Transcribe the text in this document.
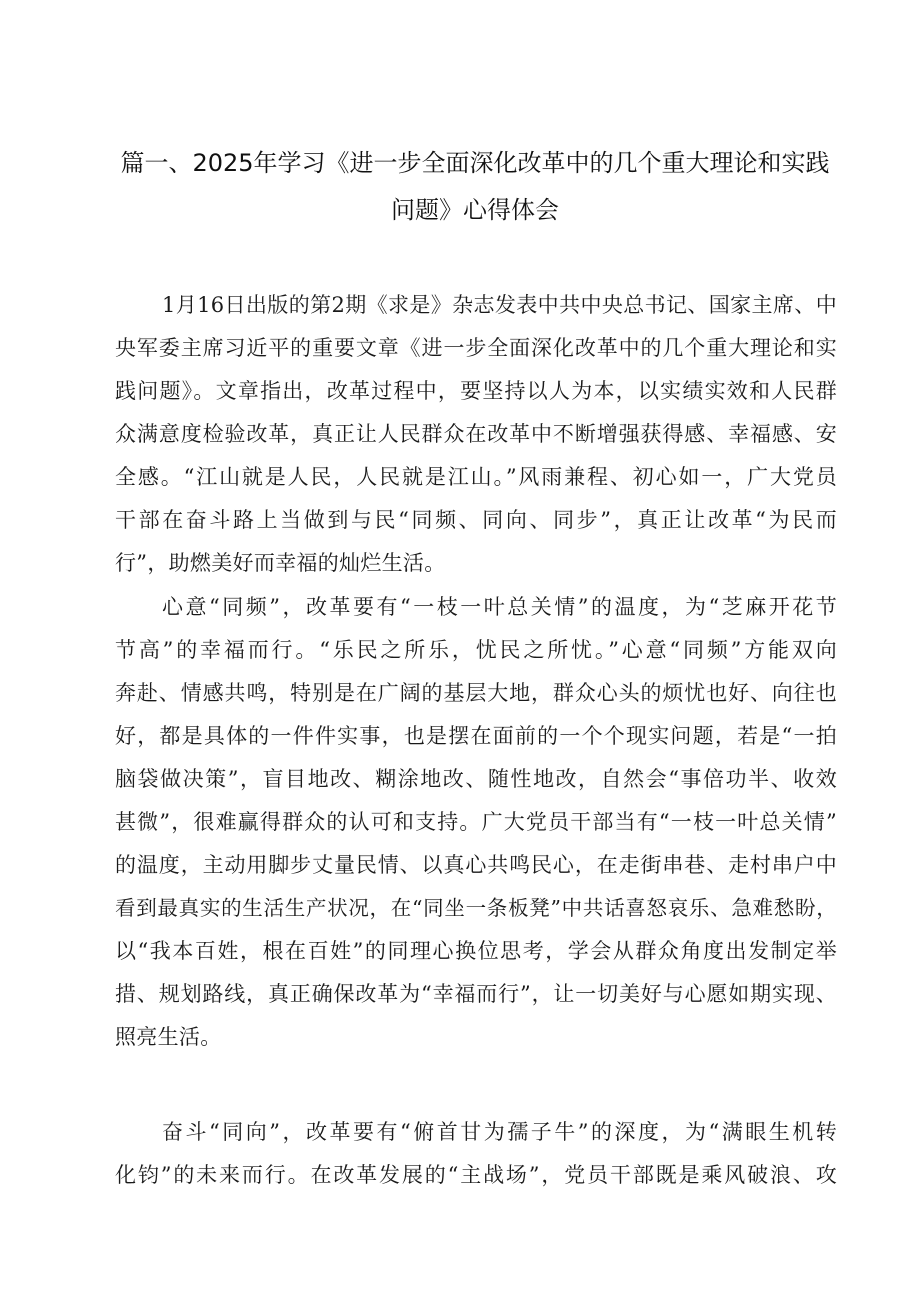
篇一、2025年学习《进一步全面深化改革中的几个重大理论和实践
问题》心得体会
1月16日出版的第2期《求是》杂志发表中共中央总书记、国家主席、中
央军委主席习近平的重要文章《进一步全面深化改革中的几个重大理论和实
践问题》。文章指出，改革过程中，要坚持以人为本，以实绩实效和人民群
众满意度检验改革，真正让人民群众在改革中不断增强获得感、幸福感、安
全感。“江山就是人民，人民就是江山。”风雨兼程、初心如一，广大党员
干部在奋斗路上当做到与民“同频、同向、同步”，真正让改革“为民而
行”，助燃美好而幸福的灿烂生活。
心意“同频”，改革要有“一枝一叶总关情”的温度，为“芝麻开花节
节高”的幸福而行。“乐民之所乐，忧民之所忧。”心意“同频”方能双向
奔赴、情感共鸣，特别是在广阔的基层大地，群众心头的烦忧也好、向往也
好，都是具体的一件件实事，也是摆在面前的一个个现实问题，若是“一拍
脑袋做决策”，盲目地改、糊涂地改、随性地改，自然会“事倍功半、收效
甚微”，很难赢得群众的认可和支持。广大党员干部当有“一枝一叶总关情”
的温度，主动用脚步丈量民情、以真心共鸣民心，在走街串巷、走村串户中
看到最真实的生活生产状况，在“同坐一条板凳”中共话喜怒哀乐、急难愁盼，
以“我本百姓，根在百姓”的同理心换位思考，学会从群众角度出发制定举
措、规划路线，真正确保改革为“幸福而行”，让一切美好与心愿如期实现、
照亮生活。
奋斗“同向”，改革要有“俯首甘为孺子牛”的深度，为“满眼生机转
化钧”的未来而行。在改革发展的“主战场”，党员干部既是乘风破浪、攻
